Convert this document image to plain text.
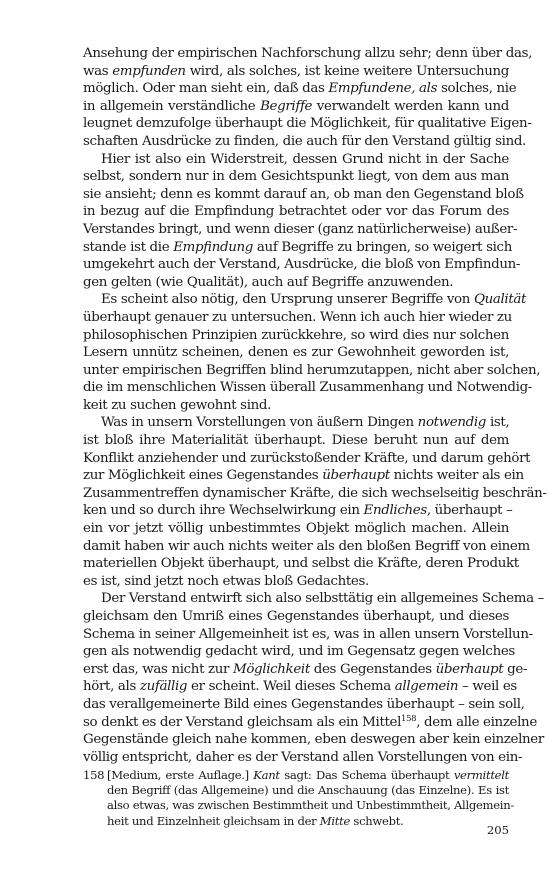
Ansehung der empirischen Nachforschung allzu sehr; denn über das,
was empfunden wird, als solches, ist keine weitere Untersuchung
möglich. Oder man sieht ein, daß das Empfundene, als solches, nie
in allgemein verständliche Begriffe verwandelt werden kann und
leugnet demzufolge überhaupt die Möglichkeit, für qualitative Eigen-
schaften Ausdrücke zu finden, die auch für den Verstand gültig sind.
Hier ist also ein Widerstreit, dessen Grund nicht in der Sache
selbst, sondern nur in dem Gesichtspunkt liegt, von dem aus man
sie ansieht; denn es kommt darauf an, ob man den Gegenstand bloß
in bezug auf die Empfindung betrachtet oder vor das Forum des
Verstandes bringt, und wenn dieser (ganz natürlicherweise) außer-
stande ist die Empfindung auf Begriffe zu bringen, so weigert sich
umgekehrt auch der Verstand, Ausdrücke, die bloß von Empfindun-
gen gelten (wie Qualität), auch auf Begriffe anzuwenden.
Es scheint also nötig, den Ursprung unserer Begriffe von Qualität
überhaupt genauer zu untersuchen. Wenn ich auch hier wieder zu
philosophischen Prinzipien zurückkehre, so wird dies nur solchen
Lesern unnütz scheinen, denen es zur Gewohnheit geworden ist,
unter empirischen Begriffen blind herumzutappen, nicht aber solchen,
die im menschlichen Wissen überall Zusammenhang und Notwendig-
keit zu suchen gewohnt sind.
Was in unsern Vorstellungen von äußern Dingen notwendig ist,
ist bloß ihre Materialität überhaupt. Diese beruht nun auf dem
Konflikt anziehender und zurückstoßender Kräfte, und darum gehört
zur Möglichkeit eines Gegenstandes überhaupt nichts weiter als ein
Zusammentreffen dynamischer Kräfte, die sich wechselseitig beschrän-
ken und so durch ihre Wechselwirkung ein Endliches, überhaupt –
ein vor jetzt völlig unbestimmtes Objekt möglich machen. Allein
damit haben wir auch nichts weiter als den bloßen Begriff von einem
materiellen Objekt überhaupt, und selbst die Kräfte, deren Produkt
es ist, sind jetzt noch etwas bloß Gedachtes.
Der Verstand entwirft sich also selbsttätig ein allgemeines Schema –
gleichsam den Umriß eines Gegenstandes überhaupt, und dieses
Schema in seiner Allgemeinheit ist es, was in allen unsern Vorstellun-
gen als notwendig gedacht wird, und im Gegensatz gegen welches
erst das, was nicht zur Möglichkeit des Gegenstandes überhaupt ge-
hört, als zufällig er scheint. Weil dieses Schema allgemein – weil es
das verallgemeinerte Bild eines Gegenstandes überhaupt – sein soll,
so denkt es der Verstand gleichsam als ein Mittel$^{158}$, dem alle einzelne
Gegenstände gleich nahe kommen, eben deswegen aber kein einzelner
völlig entspricht, daher es der Verstand allen Vorstellungen von ein-
158 [Medium, erste Auflage.] Kant sagt: Das Schema überhaupt vermittelt
den Begriff (das Allgemeine) und die Anschauung (das Einzelne). Es ist
also etwas, was zwischen Bestimmtheit und Unbestimmtheit, Allgemein-
heit und Einzelnheit gleichsam in der Mitte schwebt.
205
